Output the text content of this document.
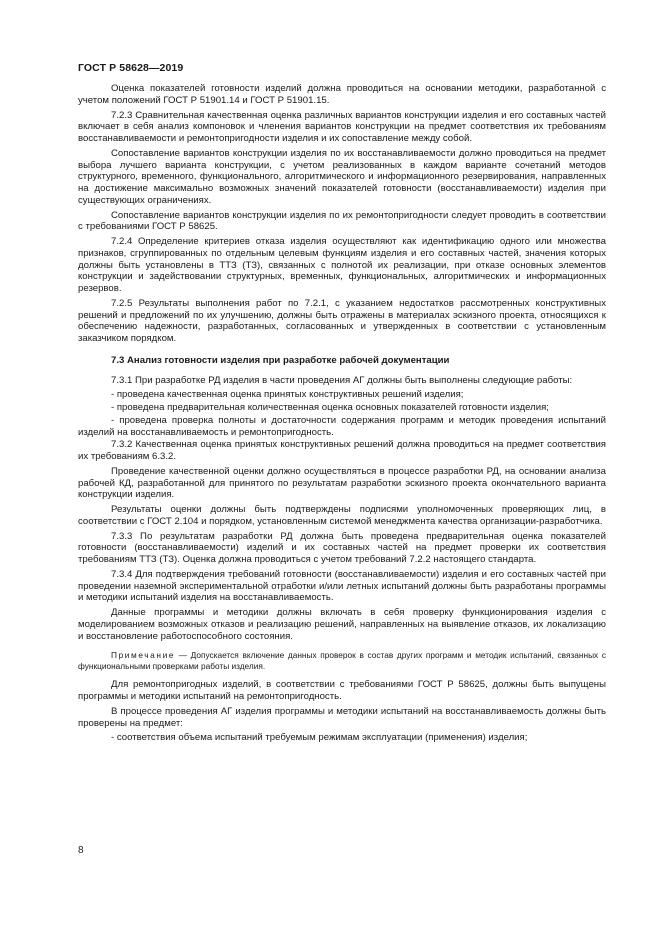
ГОСТ Р 58628—2019

Оценка показателей готовности изделий должна проводиться на основании методики, разработанной с учетом положений ГОСТ Р 51901.14 и ГОСТ Р 51901.15.

7.2.3 Сравнительная качественная оценка различных вариантов конструкции изделия и его составных частей включает в себя анализ компоновок и членения вариантов конструкции на предмет соответствия их требованиям восстанавливаемости и ремонтопригодности изделия и их сопоставление между собой.

Сопоставление вариантов конструкции изделия по их восстанавливаемости должно проводиться на предмет выбора лучшего варианта конструкции, с учетом реализованных в каждом варианте сочетаний методов структурного, временного, функционального, алгоритмического и информационного резервирования, направленных на достижение максимально возможных значений показателей готовности (восстанавливаемости) изделия при существующих ограничениях.

Сопоставление вариантов конструкции изделия по их ремонтопригодности следует проводить в соответствии с требованиями ГОСТ Р 58625.

7.2.4 Определение критериев отказа изделия осуществляют как идентификацию одного или множества признаков, сгруппированных по отдельным целевым функциям изделия и его составных частей, значения которых должны быть установлены в ТТЗ (ТЗ), связанных с полнотой их реализации, при отказе основных элементов конструкции и задействовании структурных, временных, функциональных, алгоритмических и информационных резервов.

7.2.5 Результаты выполнения работ по 7.2.1, с указанием недостатков рассмотренных конструктивных решений и предложений по их улучшению, должны быть отражены в материалах эскизного проекта, относящихся к обеспечению надежности, разработанных, согласованных и утвержденных в соответствии с установленным заказчиком порядком.

7.3 Анализ готовности изделия при разработке рабочей документации

7.3.1 При разработке РД изделия в части проведения АГ должны быть выполнены следующие работы:

- проведена качественная оценка принятых конструктивных решений изделия;

- проведена предварительная количественная оценка основных показателей готовности изделия;

- проведена проверка полноты и достаточности содержания программ и методик проведения испытаний изделий на восстанавливаемость и ремонтопригодность.

7.3.2 Качественная оценка принятых конструктивных решений должна проводиться на предмет соответствия их требованиям 6.3.2.

Проведение качественной оценки должно осуществляться в процессе разработки РД, на основании анализа рабочей КД, разработанной для принятого по результатам разработки эскизного проекта окончательного варианта конструкции изделия.

Результаты оценки должны быть подтверждены подписями уполномоченных проверяющих лиц, в соответствии с ГОСТ 2.104 и порядком, установленным системой менеджмента качества организации-разработчика.

7.3.3 По результатам разработки РД должна быть проведена предварительная оценка показателей готовности (восстанавливаемости) изделий и их составных частей на предмет проверки их соответствия требованиям ТТЗ (ТЗ). Оценка должна проводиться с учетом требований 7.2.2 настоящего стандарта.

7.3.4 Для подтверждения требований готовности (восстанавливаемости) изделия и его составных частей при проведении наземной экспериментальной отработки и/или летных испытаний должны быть разработаны программы и методики испытаний изделия на восстанавливаемость.

Данные программы и методики должны включать в себя проверку функционирования изделия с моделированием возможных отказов и реализацию решений, направленных на выявление отказов, их локализацию и восстановление работоспособного состояния.

Примечание — Допускается включение данных проверок в состав других программ и методик испытаний, связанных с функциональными проверками работы изделия.

Для ремонтопригодных изделий, в соответствии с требованиями ГОСТ Р 58625, должны быть выпущены программы и методики испытаний на ремонтопригодность.

В процессе проведения АГ изделия программы и методики испытаний на восстанавливаемость должны быть проверены на предмет:

- соответствия объема испытаний требуемым режимам эксплуатации (применения) изделия;

8
